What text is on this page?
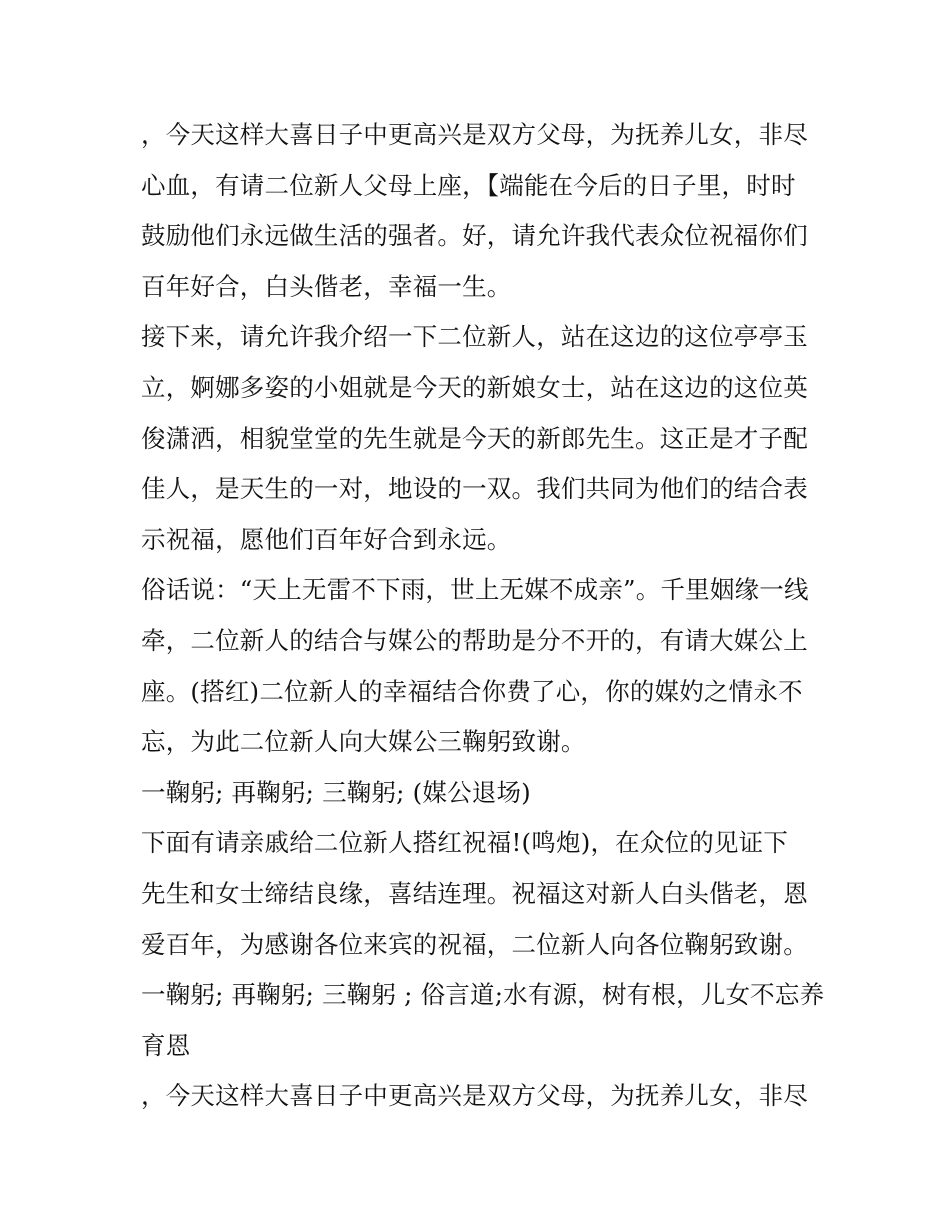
，今天这样大喜日子中更高兴是双方父母，为抚养儿女，非尽
心血，有请二位新人父母上座，【端能在今后的日子里，时时
鼓励他们永远做生活的强者。好，请允许我代表众位祝福你们
百年好合，白头偕老，幸福一生。
接下来，请允许我介绍一下二位新人，站在这边的这位亭亭玉
立，婀娜多姿的小姐就是今天的新娘女士，站在这边的这位英
俊潇洒，相貌堂堂的先生就是今天的新郎先生。这正是才子配
佳人，是天生的一对，地设的一双。我们共同为他们的结合表
示祝福，愿他们百年好合到永远。
俗话说：“天上无雷不下雨，世上无媒不成亲”。千里姻缘一线
牵，二位新人的结合与媒公的帮助是分不开的，有请大媒公上
座。(搭红)二位新人的幸福结合你费了心，你的媒妁之情永不
忘，为此二位新人向大媒公三鞠躬致谢。
一鞠躬; 再鞠躬; 三鞠躬; (媒公退场)
下面有请亲戚给二位新人搭红祝福!(鸣炮)，在众位的见证下
先生和女士缔结良缘，喜结连理。祝福这对新人白头偕老，恩
爱百年，为感谢各位来宾的祝福，二位新人向各位鞠躬致谢。
一鞠躬; 再鞠躬; 三鞠躬 ; 俗言道;水有源，树有根，儿女不忘养
育恩
，今天这样大喜日子中更高兴是双方父母，为抚养儿女，非尽
